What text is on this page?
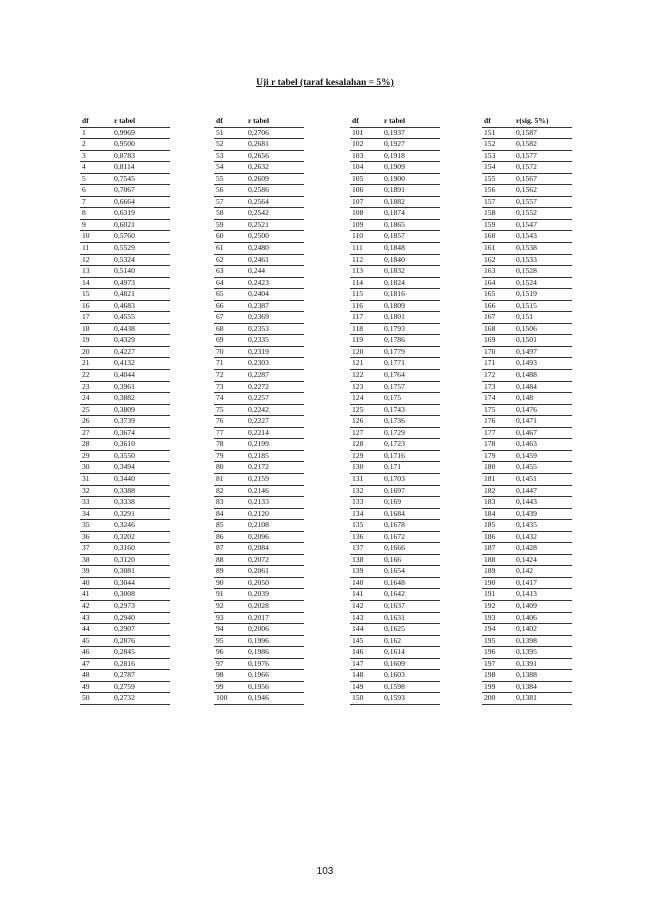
Uji r tabel (taraf kesalahan = 5%)
df	r tabel
1	0,9969
2	0,9500
3	0,8783
4	0,8114
5	0,7545
6	0,7067
7	0,6664
8	0,6319
9	0,6021
10	0,5760
11	0,5529
12	0,5324
13	0,5140
14	0,4973
15	0,4821
16	0,4683
17	0,4555
18	0,4438
19	0,4329
20	0,4227
21	0,4132
22	0,4044
23	0,3961
24	0,3882
25	0,3809
26	0,3739
27	0,3674
28	0,3610
29	0,3550
30	0,3494
31	0,3440
32	0,3388
33	0,3338
34	0,3291
35	0,3246
36	0,3202
37	0,3160
38	0,3120
39	0,3081
40	0,3044
41	0,3008
42	0,2973
43	0,2940
44	0,2907
45	0,2876
46	0,2845
47	0,2816
48	0,2787
49	0,2759
50	0,2732
df	r tabel
51	0,2706
52	0,2681
53	0,2656
54	0,2632
55	0,2609
56	0,2586
57	0,2564
58	0,2542
59	0,2521
60	0,2500
61	0,2480
62	0,2461
63	0,244
64	0,2423
65	0,2404
66	0,2387
67	0,2369
68	0,2353
69	0,2335
70	0,2319
71	0,2303
72	0,2287
73	0,2272
74	0,2257
75	0,2242
76	0,2227
77	0,2214
78	0,2199
79	0,2185
80	0,2172
81	0,2159
82	0,2146
83	0,2133
84	0,2120
85	0,2108
86	0,2096
87	0,2084
88	0,2072
89	0,2061
90	0,2050
91	0,2039
92	0,2028
93	0,2017
94	0,2006
95	0,1996
96	0,1986
97	0,1976
98	0,1966
99	0,1956
100	0,1946
df	r tabel
101	0,1937
102	0,1927
103	0,1918
104	0,1909
105	0,1900
106	0,1891
107	0,1882
108	0,1874
109	0,1865
110	0,1857
111	0,1848
112	0,1840
113	0,1832
114	0,1824
115	0,1816
116	0,1809
117	0,1801
118	0,1793
119	0,1786
120	0,1779
121	0,1771
122	0,1764
123	0,1757
124	0,175
125	0,1743
126	0,1736
127	0,1729
128	0,1723
129	0,1716
130	0,171
131	0,1703
132	0,1697
133	0,169
134	0,1684
135	0,1678
136	0,1672
137	0,1666
138	0,166
139	0,1654
140	0,1648
141	0,1642
142	0,1637
143	0,1631
144	0,1625
145	0,162
146	0,1614
147	0,1609
148	0,1603
149	0,1598
150	0,1593
df	r(sig. 5%)
151	0,1587
152	0,1582
153	0,1577
154	0,1572
155	0,1567
156	0,1562
157	0,1557
158	0,1552
159	0,1547
160	0,1543
161	0,1538
162	0,1533
163	0,1528
164	0,1524
165	0,1519
166	0,1515
167	0,151
168	0,1506
169	0,1501
170	0,1497
171	0,1493
172	0,1488
173	0,1484
174	0,148
175	0,1476
176	0,1471
177	0,1467
178	0,1463
179	0,1459
180	0,1455
181	0,1451
182	0,1447
183	0,1443
184	0,1439
185	0,1435
186	0,1432
187	0,1428
188	0,1424
189	0,142
190	0,1417
191	0,1413
192	0,1409
193	0,1406
194	0,1402
195	0,1398
196	0,1395
197	0,1391
198	0,1388
199	0,1384
200	0,1381
103
